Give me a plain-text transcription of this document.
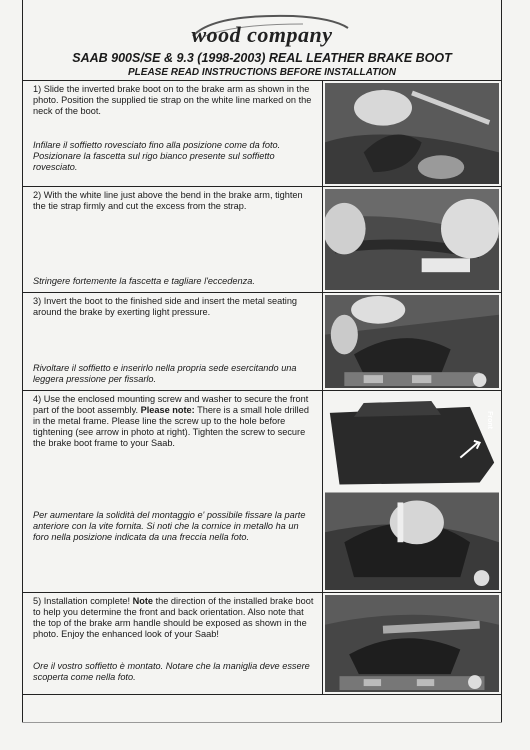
wood company
SAAB 900S/SE & 9.3 (1998-2003) REAL LEATHER BRAKE BOOT
PLEASE READ INSTRUCTIONS BEFORE INSTALLATION

1) Slide the inverted brake boot on to the brake arm as shown in the photo. Position the supplied tie strap on the white line marked on the neck of the boot.

Infilare il soffietto rovesciato fino alla posizione come da foto. Posizionare la fascetta sul rigo bianco presente sul soffietto rovesciato.

2) With the white line just above the bend in the brake arm, tighten the tie strap firmly and cut the excess from the strap.

Stringere fortemente la fascetta e tagliare l'eccedenza.

3) Invert the boot to the finished side and insert the metal seating around the brake by exerting light pressure.

Rivoltare il soffietto e inserirlo nella propria sede esercitando una leggera pressione per fissarlo.

4) Use the enclosed mounting screw and washer to secure the front part of the boot assembly. Please note: There is a small hole drilled in the metal frame. Please line the screw up to the hole before tightening (see arrow in photo at right). Tighten the screw to secure the brake boot frame to your Saab.

Per aumentare la solidità del montaggio e' possibile fissare la parte anteriore con la vite fornita. Si noti che la cornice in metallo ha un foro nella posizione indicata da una freccia nella foto.

Front

5) Installation complete! Note the direction of the installed brake boot to help you determine the front and back orientation. Also note that the top of the brake arm handle should be exposed as shown in the photo. Enjoy the enhanced look of your Saab!

Ore il vostro soffietto è montato. Notare che la maniglia deve essere scoperta come nella foto.
